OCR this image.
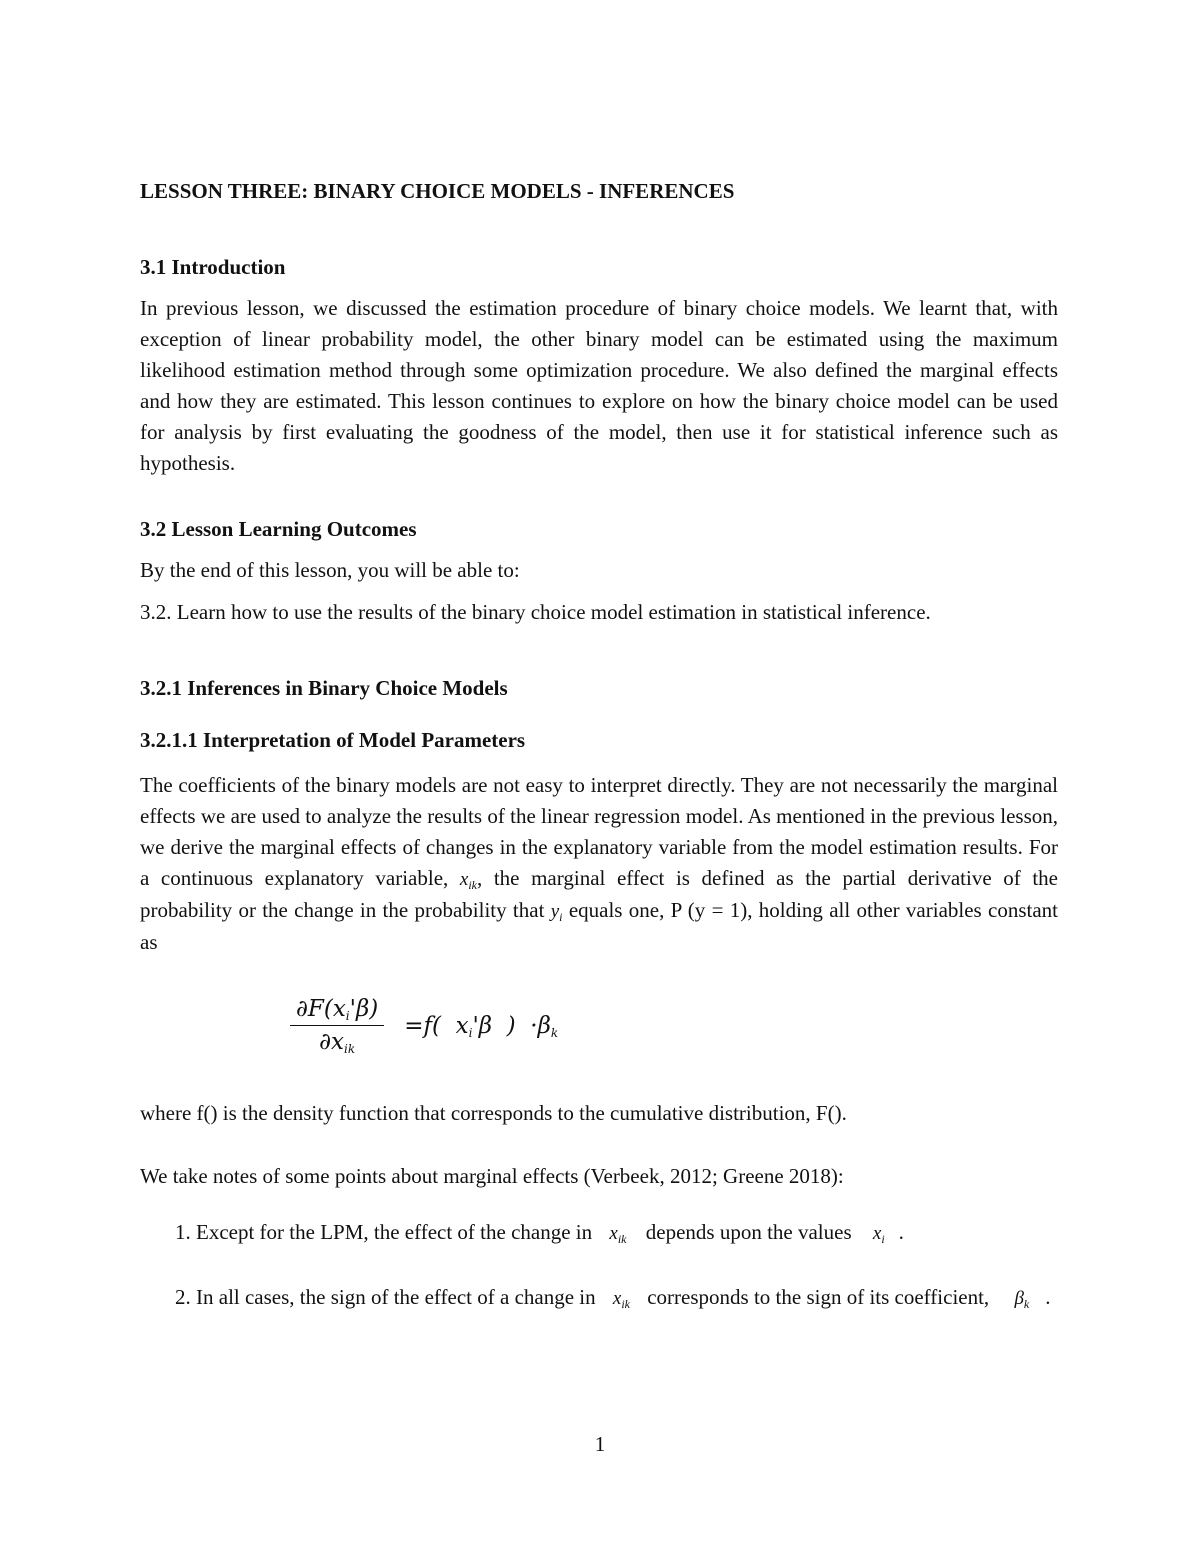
LESSON THREE: BINARY CHOICE MODELS - INFERENCES
3.1 Introduction
In previous lesson, we discussed the estimation procedure of binary choice models. We learnt that, with exception of linear probability model, the other binary model can be estimated using the maximum likelihood estimation method through some optimization procedure. We also defined the marginal effects and how they are estimated. This lesson continues to explore on how the binary choice model can be used for analysis by first evaluating the goodness of the model, then use it for statistical inference such as hypothesis.
3.2 Lesson Learning Outcomes
By the end of this lesson, you will be able to:
3.2. Learn how to use the results of the binary choice model estimation in statistical inference.
3.2.1 Inferences in Binary Choice Models
3.2.1.1 Interpretation of Model Parameters
The coefficients of the binary models are not easy to interpret directly. They are not necessarily the marginal effects we are used to analyze the results of the linear regression model. As mentioned in the previous lesson, we derive the marginal effects of changes in the explanatory variable from the model estimation results. For a continuous explanatory variable, $x_{ik}$, the marginal effect is defined as the partial derivative of the probability or the change in the probability that $y_i$ equals one, P (y = 1), holding all other variables constant as
$\frac{\partial F(x_i'\beta)}{\partial x_{ik}} =f$(  $x_i'\beta$  )  $\cdot\beta_k$
where f() is the density function that corresponds to the cumulative distribution, F().
We take notes of some points about marginal effects (Verbeek, 2012; Greene 2018):
1. Except for the LPM, the effect of the change in $x_{ik}$ depends upon the values $x_i$ .
2. In all cases, the sign of the effect of a change in $x_{ik}$ corresponds to the sign of its coefficient, $\beta_k$ .
1
